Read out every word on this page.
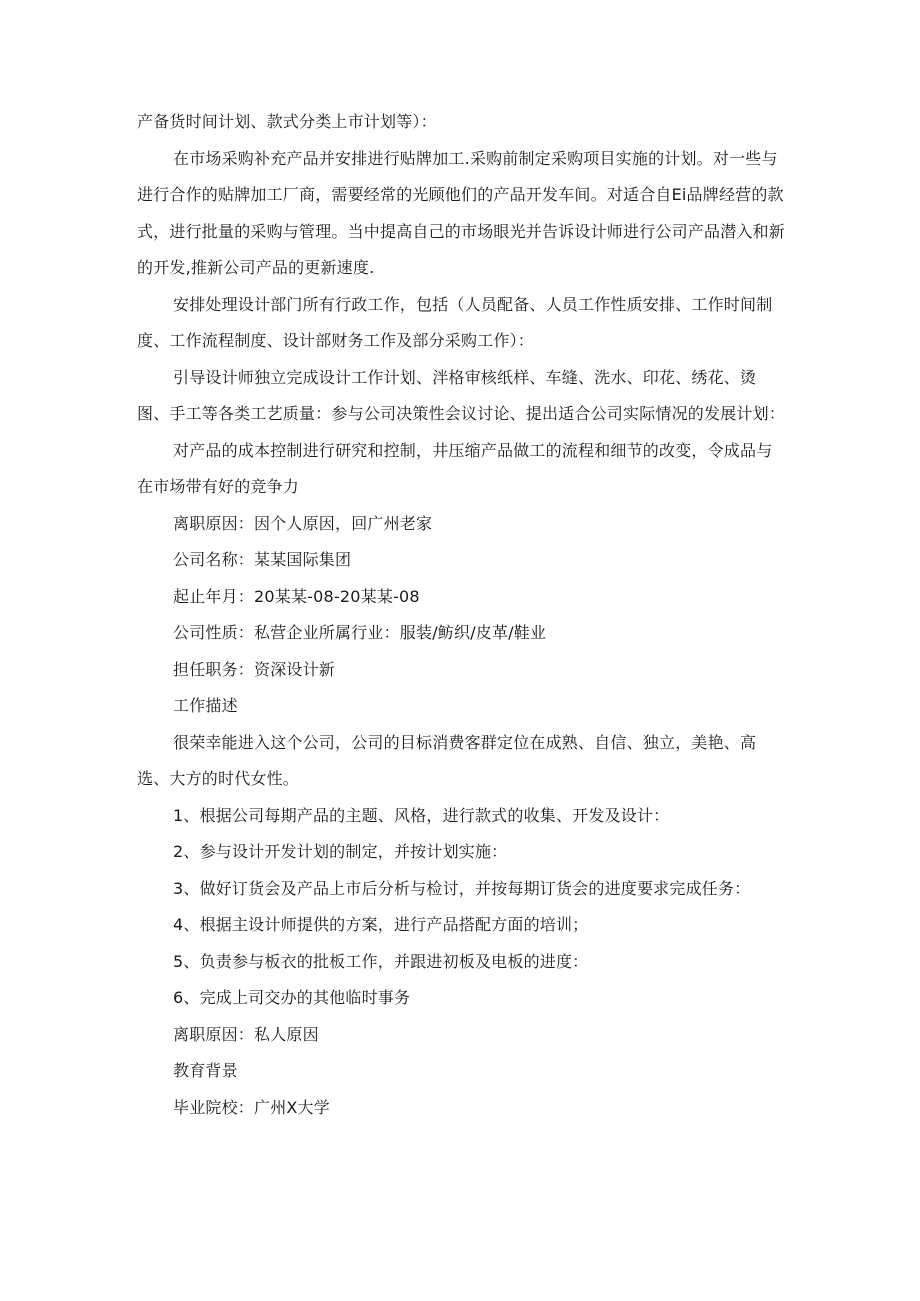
产备货时间计划、款式分类上市计划等）：

在市场采购补充产品并安排进行贴牌加工.采购前制定采购项目实施的计划。对一些与进行合作的贴牌加工厂商，需要经常的光顾他们的产品开发车间。对适合自Ei品牌经营的款式，进行批量的采购与管理。当中提高自己的市场眼光并告诉设计师进行公司产品潜入和新的开发,推新公司产品的更新速度.

安排处理设计部门所有行政工作，包括（人员配备、人员工作性质安排、工作时间制度、工作流程制度、设计部财务工作及部分采购工作）：

引导设计师独立完成设计工作计划、泮格审核纸样、车缝、洗水、印花、绣花、烫图、手工等各类工艺质量：参与公司决策性会议讨论、提出适合公司实际情况的发展计划：

对产品的成本控制进行研究和控制，井压缩产品做工的流程和细节的改变，令成品与在市场带有好的竞争力

离职原因：因个人原因，回广州老家
公司名称：某某国际集团
起止年月：20某某-08-20某某-08
公司性质：私营企业所属行业：服装/鲂织/皮革/鞋业
担任职务：资深设计新
工作描述

很荣幸能进入这个公司，公司的目标消费客群定位在成熟、自信、独立，美艳、高选、大方的时代女性。

1、根据公司每期产品的主题、风格，进行款式的收集、开发及设计：
2、参与设计开发计划的制定，并按计划实施：
3、做好订货会及产品上市后分析与检讨，并按每期订货会的进度要求完成任务：
4、根据主设计师提供的方案，进行产品搭配方面的培训；
5、负责参与板衣的批板工作，并跟进初板及电板的进度：
6、完成上司交办的其他临时事务
离职原因：私人原因
教育背景
毕业院校：广州X大学
